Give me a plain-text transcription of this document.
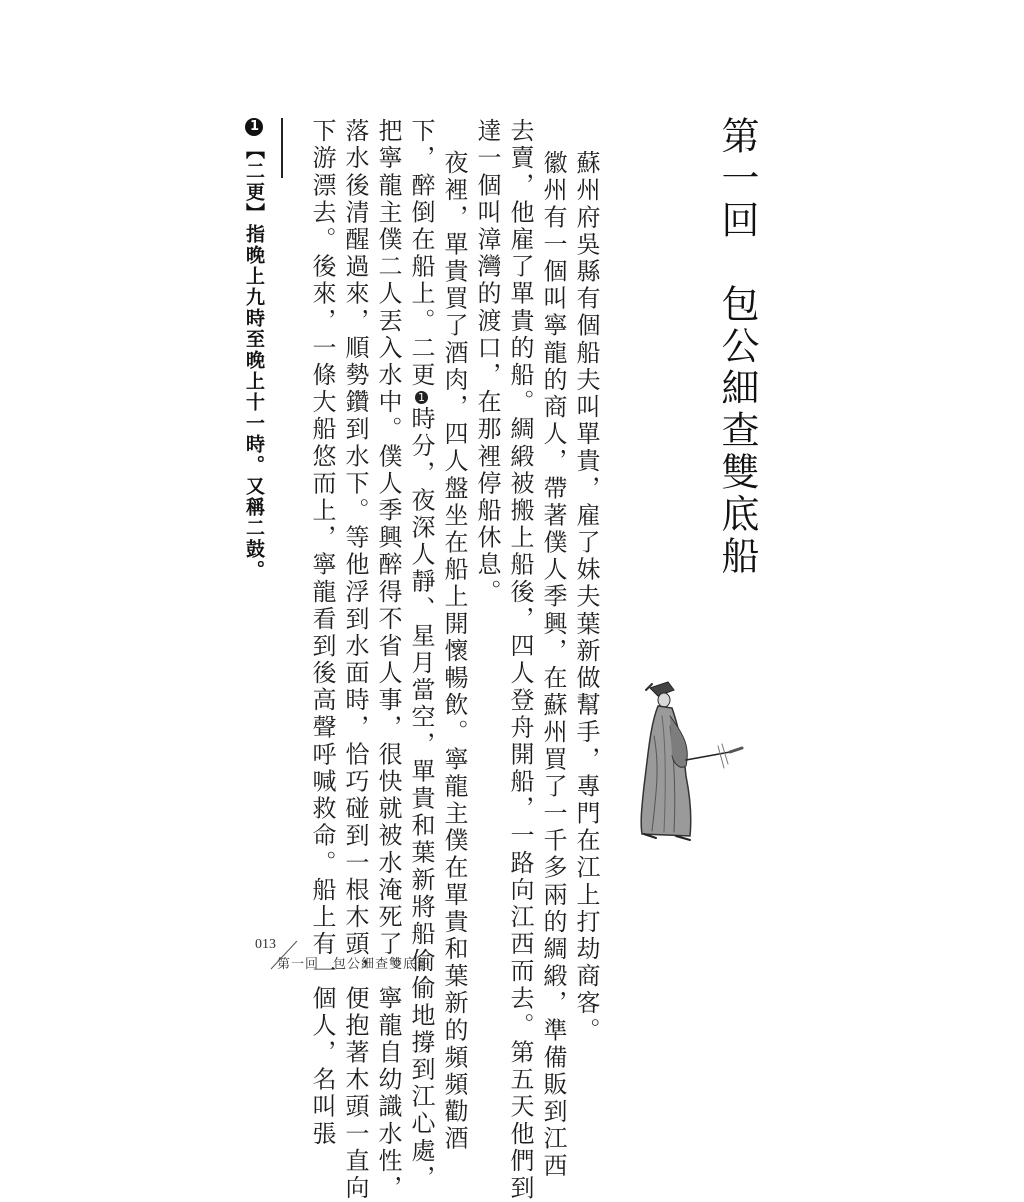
第一回　包公細查雙底船
蘇州府吳縣有個船夫叫單貴，雇了妹夫葉新做幫手，專門在江上打劫商客。
徽州有一個叫寧龍的商人，帶著僕人季興，在蘇州買了一千多兩的綢緞，準備販到江西
去賣，他雇了單貴的船。綢緞被搬上船後，四人登舟開船，一路向江西而去。第五天他們到
達一個叫漳灣的渡口，在那裡停船休息。
夜裡，單貴買了酒肉，四人盤坐在船上開懷暢飲。寧龍主僕在單貴和葉新的頻頻勸酒
下，醉倒在船上。二更1時分，夜深人靜、星月當空，單貴和葉新將船偷偷地撐到江心處，
把寧龍主僕二人丟入水中。僕人季興醉得不省人事，很快就被水淹死了。寧龍自幼識水性，
落水後清醒過來，順勢鑽到水下。等他浮到水面時，恰巧碰到一根木頭，便抱著木頭一直向
下游漂去。後來，一條大船悠而上，寧龍看到後高聲呼喊救命。船上有一個人，名叫張
1【二更】指晚上九時至晚上十一時。又稱二鼓。
013
第一回　包公細查雙底船
